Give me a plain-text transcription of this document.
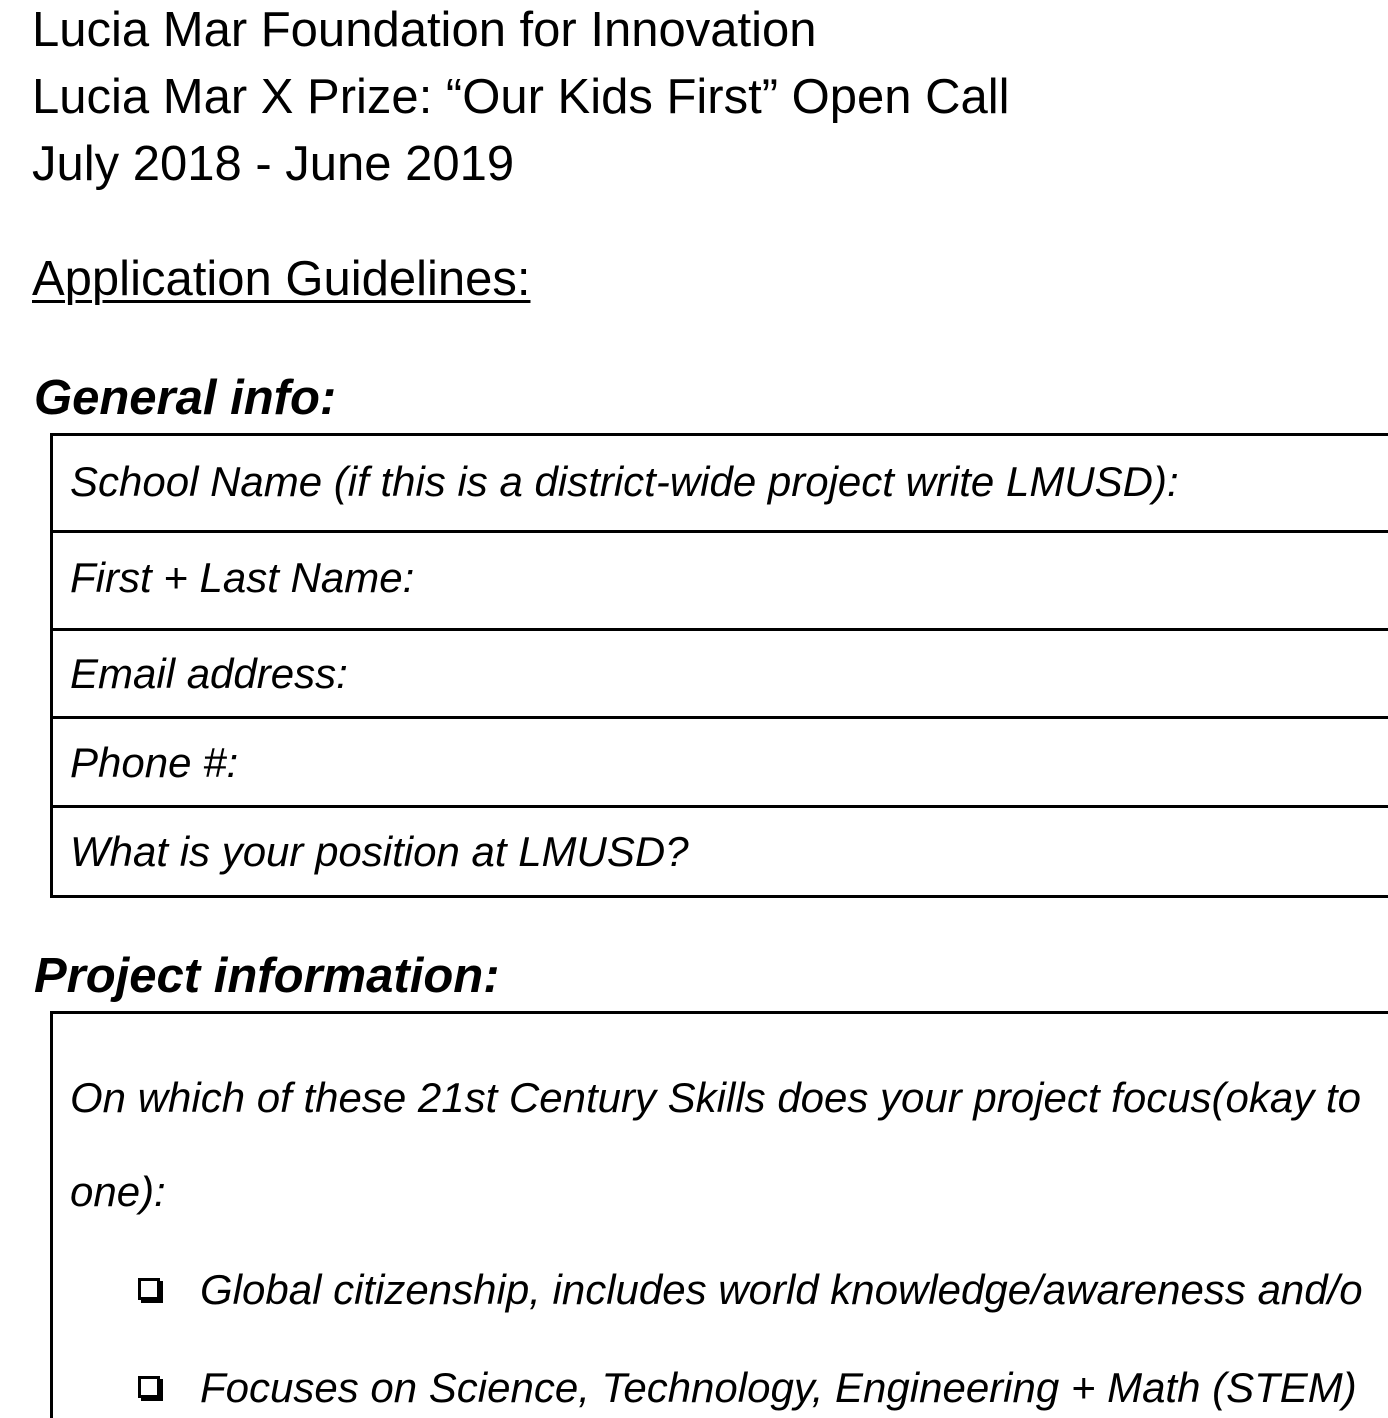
Lucia Mar Foundation for Innovation
Lucia Mar X Prize: “Our Kids First” Open Call
July 2018 - June 2019
Application Guidelines:
General info:
School Name (if this is a district-wide project write LMUSD):
First + Last Name:
Email address:
Phone #:
What is your position at LMUSD?
Project information:
On which of these 21st Century Skills does your project focus(okay to
one):
Global citizenship, includes world knowledge/awareness and/o
Focuses on Science, Technology, Engineering + Math (STEM)
